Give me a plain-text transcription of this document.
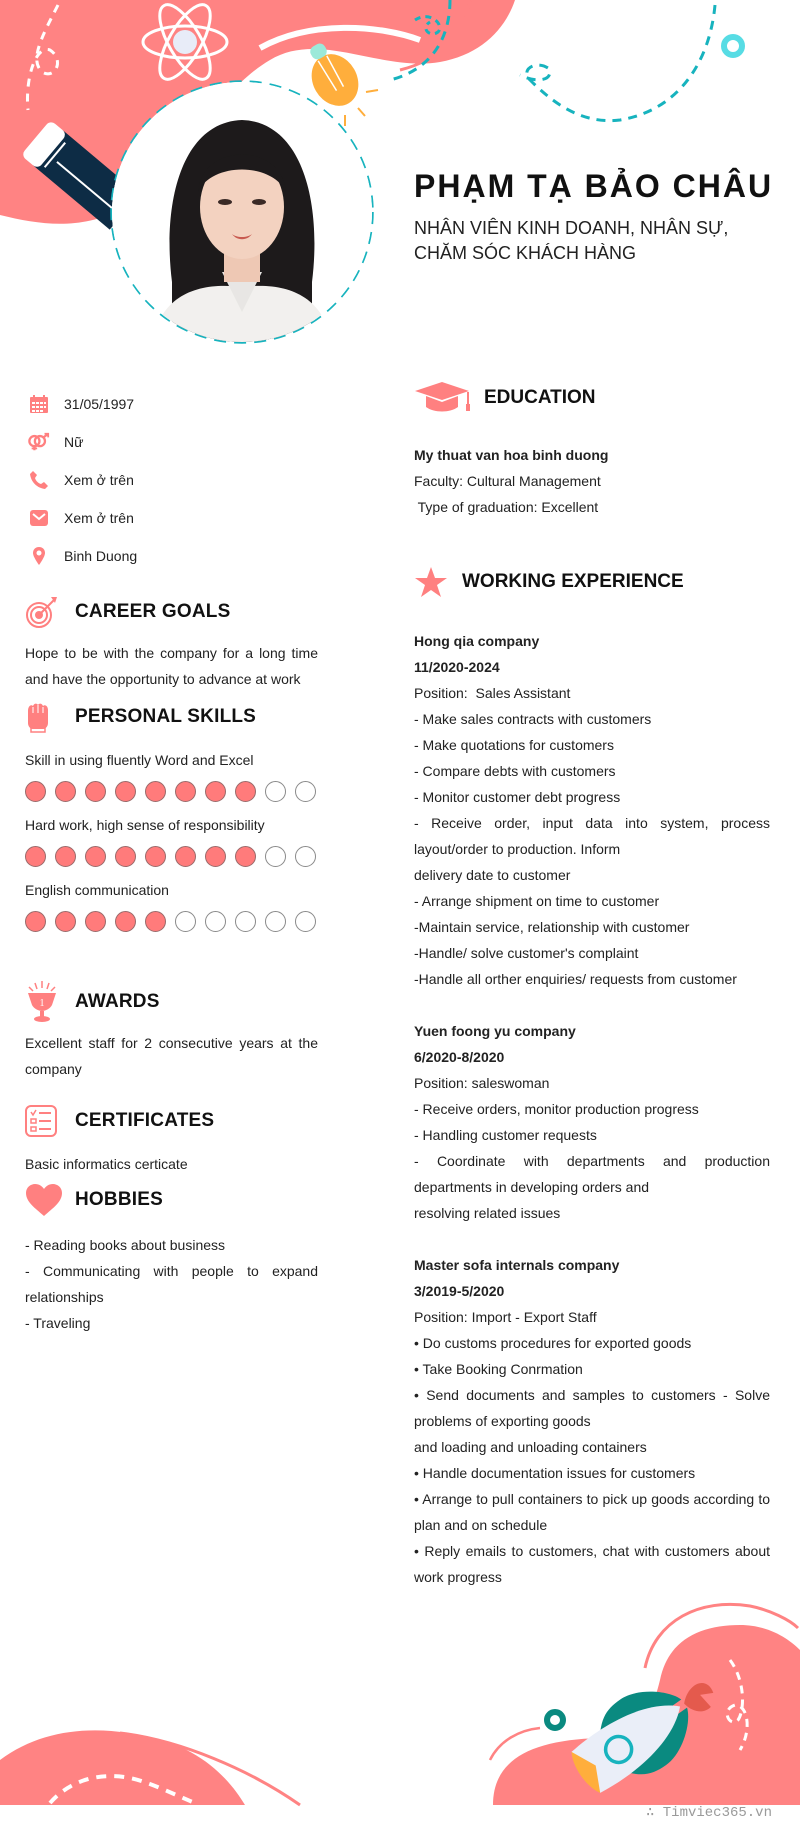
PHẠM TẠ BẢO CHÂU
NHÂN VIÊN KINH DOANH, NHÂN SỰ, CHĂM SÓC KHÁCH HÀNG
31/05/1997
Nữ
Xem ở trên
Xem ở trên
Binh Duong
CAREER GOALS

Hope to be with the company for a long time and have the opportunity to advance at work

PERSONAL SKILLS
Skill in using fluently Word and Excel
Hard work, high sense of responsibility
English communication
1 AWARDS

Excellent staff for 2 consecutive years at the company

CERTIFICATES

Basic informatics certicate

HOBBIES

- Reading books about business

- Communicating with people to expand relationships

- Traveling

EDUCATION

My thuat van hoa binh duong

Faculty: Cultural Management

Type of graduation: Excellent

WORKING EXPERIENCE

Hong qia company

11/2020-2024

Position:  Sales Assistant

- Make sales contracts with customers

- Make quotations for customers

- Compare debts with customers

- Monitor customer debt progress

- Receive order, input data into system, process layout/order to production. Inform

delivery date to customer

- Arrange shipment on time to customer

-Maintain service, relationship with customer

-Handle/ solve customer's complaint

-Handle all orther enquiries/ requests from customer

Yuen foong yu company

6/2020-8/2020

Position: saleswoman

- Receive orders, monitor production progress

- Handling customer requests

- Coordinate with departments and production departments in developing orders and

resolving related issues

Master sofa internals company

3/2019-5/2020

Position: Import - Export Staff

• Do customs procedures for exported goods

• Take Booking Conrmation

• Send documents and samples to customers - Solve problems of exporting goods

and loading and unloading containers

• Handle documentation issues for customers

• Arrange to pull containers to pick up goods according to plan and on schedule

• Reply emails to customers, chat with customers about work progress

∴ Timviec365.vn
